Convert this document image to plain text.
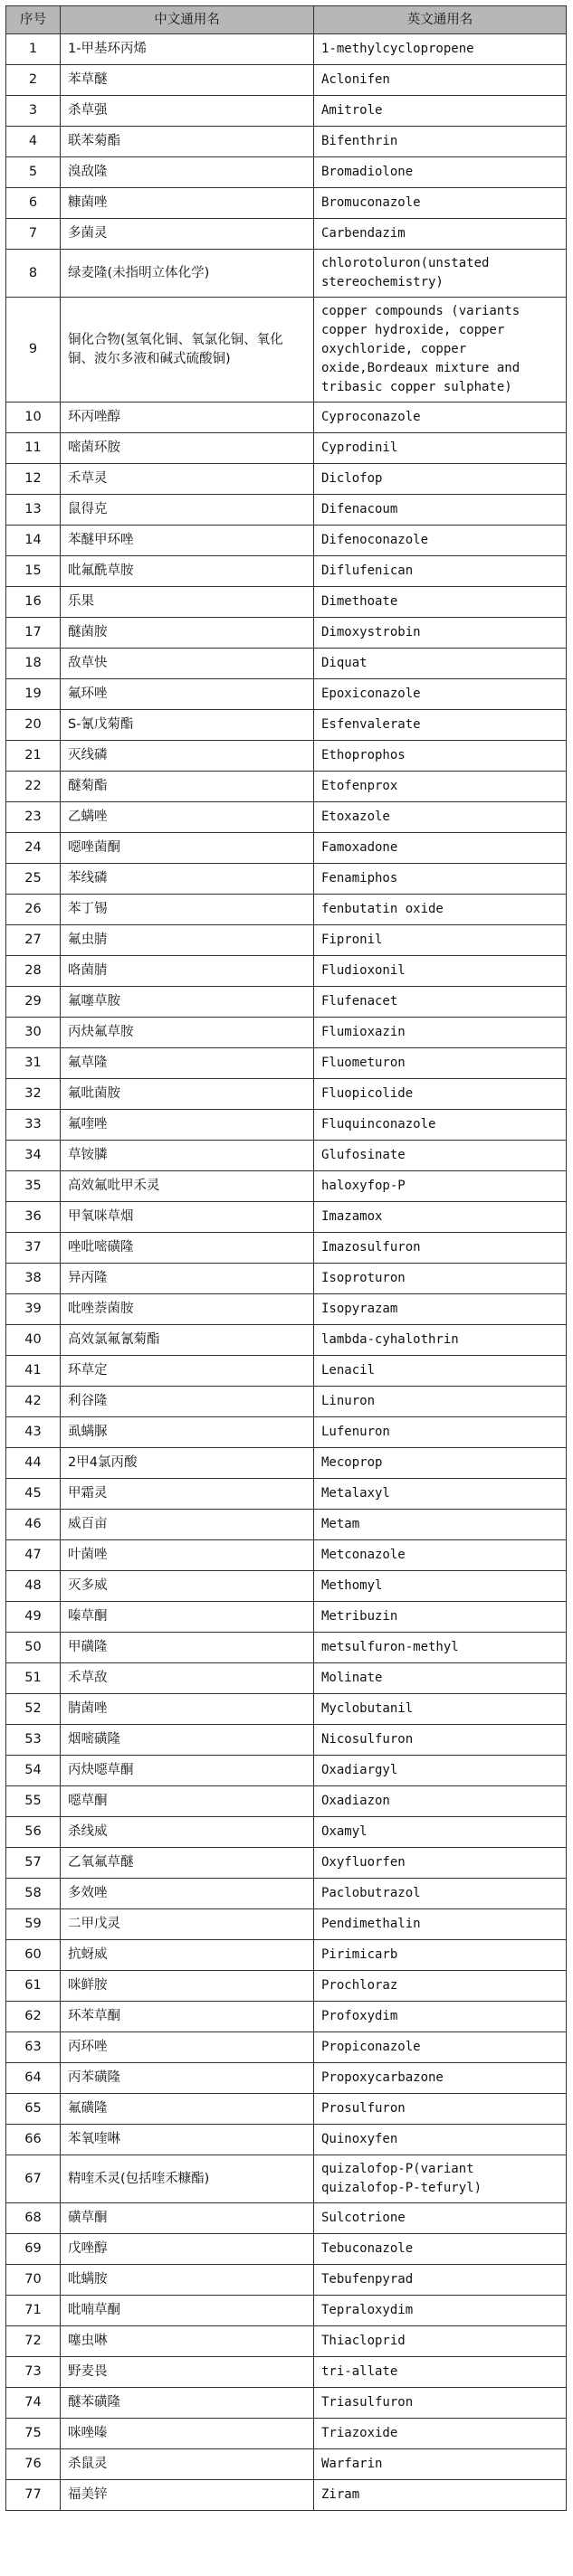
序号	中文通用名	英文通用名
1	1-甲基环丙烯	1-methylcyclopropene
2	苯草醚	Aclonifen
3	杀草强	Amitrole
4	联苯菊酯	Bifenthrin
5	溴敌隆	Bromadiolone
6	糠菌唑	Bromuconazole
7	多菌灵	Carbendazim
8	绿麦隆(未指明立体化学)	chlorotoluron(unstated stereochemistry)
9	铜化合物(氢氧化铜、氧氯化铜、氧化铜、波尔多液和碱式硫酸铜)	copper compounds (variants copper hydroxide, copper oxychloride, copper oxide,Bordeaux mixture and tribasic copper sulphate)
10	环丙唑醇	Cyproconazole
11	嘧菌环胺	Cyprodinil
12	禾草灵	Diclofop
13	鼠得克	Difenacoum
14	苯醚甲环唑	Difenoconazole
15	吡氟酰草胺	Diflufenican
16	乐果	Dimethoate
17	醚菌胺	Dimoxystrobin
18	敌草快	Diquat
19	氟环唑	Epoxiconazole
20	S-氰戊菊酯	Esfenvalerate
21	灭线磷	Ethoprophos
22	醚菊酯	Etofenprox
23	乙螨唑	Etoxazole
24	噁唑菌酮	Famoxadone
25	苯线磷	Fenamiphos
26	苯丁锡	fenbutatin oxide
27	氟虫腈	Fipronil
28	咯菌腈	Fludioxonil
29	氟噻草胺	Flufenacet
30	丙炔氟草胺	Flumioxazin
31	氟草隆	Fluometuron
32	氟吡菌胺	Fluopicolide
33	氟喹唑	Fluquinconazole
34	草铵膦	Glufosinate
35	高效氟吡甲禾灵	haloxyfop-P
36	甲氧咪草烟	Imazamox
37	唑吡嘧磺隆	Imazosulfuron
38	异丙隆	Isoproturon
39	吡唑萘菌胺	Isopyrazam
40	高效氯氟氰菊酯	lambda-cyhalothrin
41	环草定	Lenacil
42	利谷隆	Linuron
43	虱螨脲	Lufenuron
44	2甲4氯丙酸	Mecoprop
45	甲霜灵	Metalaxyl
46	威百亩	Metam
47	叶菌唑	Metconazole
48	灭多威	Methomyl
49	嗪草酮	Metribuzin
50	甲磺隆	metsulfuron-methyl
51	禾草敌	Molinate
52	腈菌唑	Myclobutanil
53	烟嘧磺隆	Nicosulfuron
54	丙炔噁草酮	Oxadiargyl
55	噁草酮	Oxadiazon
56	杀线威	Oxamyl
57	乙氧氟草醚	Oxyfluorfen
58	多效唑	Paclobutrazol
59	二甲戊灵	Pendimethalin
60	抗蚜威	Pirimicarb
61	咪鲜胺	Prochloraz
62	环苯草酮	Profoxydim
63	丙环唑	Propiconazole
64	丙苯磺隆	Propoxycarbazone
65	氟磺隆	Prosulfuron
66	苯氧喹啉	Quinoxyfen
67	精喹禾灵(包括喹禾糠酯)	quizalofop-P(variant quizalofop-P-tefuryl)
68	磺草酮	Sulcotrione
69	戊唑醇	Tebuconazole
70	吡螨胺	Tebufenpyrad
71	吡喃草酮	Tepraloxydim
72	噻虫啉	Thiacloprid
73	野麦畏	tri-allate
74	醚苯磺隆	Triasulfuron
75	咪唑嗪	Triazoxide
76	杀鼠灵	Warfarin
77	福美锌	Ziram
